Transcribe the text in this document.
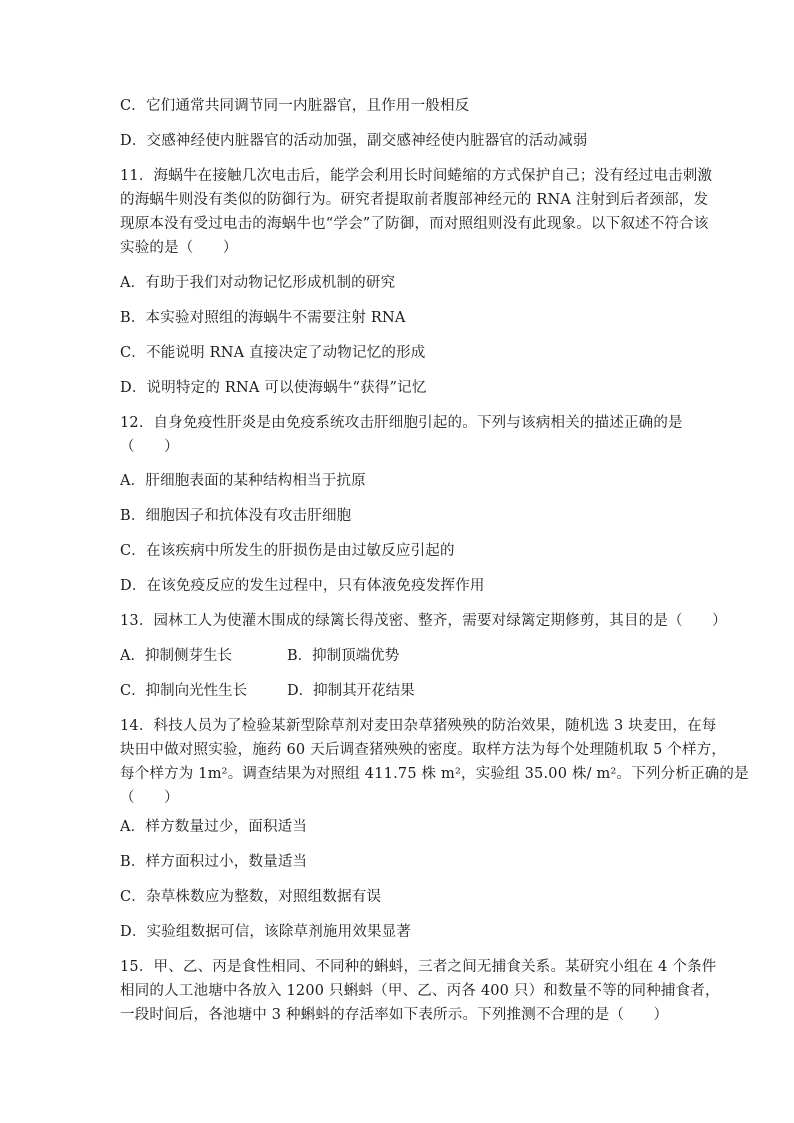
C．它们通常共同调节同一内脏器官，且作用一般相反
D．交感神经使内脏器官的活动加强，副交感神经使内脏器官的活动减弱
11．海蜗牛在接触几次电击后，能学会利用长时间蜷缩的方式保护自己；没有经过电击刺激
的海蜗牛则没有类似的防御行为。研究者提取前者腹部神经元的 RNA 注射到后者颈部，发
现原本没有受过电击的海蜗牛也“学会”了防御，而对照组则没有此现象。以下叙述不符合该
实验的是（　　）
A．有助于我们对动物记忆形成机制的研究
B．本实验对照组的海蜗牛不需要注射 RNA
C．不能说明 RNA 直接决定了动物记忆的形成
D．说明特定的 RNA 可以使海蜗牛“获得”记忆
12．自身免疫性肝炎是由免疫系统攻击肝细胞引起的。下列与该病相关的描述正确的是
（　　）
A．肝细胞表面的某种结构相当于抗原
B．细胞因子和抗体没有攻击肝细胞
C．在该疾病中所发生的肝损伤是由过敏反应引起的
D．在该免疫反应的发生过程中，只有体液免疫发挥作用
13．园林工人为使灌木围成的绿篱长得茂密、整齐，需要对绿篱定期修剪，其目的是（　　）
A．抑制侧芽生长	B．抑制顶端优势
C．抑制向光性生长	D．抑制其开花结果
14．科技人员为了检验某新型除草剂对麦田杂草猪殃殃的防治效果，随机选 3 块麦田，在每
块田中做对照实验，施药 60 天后调查猪殃殃的密度。取样方法为每个处理随机取 5 个样方，
每个样方为 1m²。调查结果为对照组 411.75 株 m²，实验组 35.00 株/ m²。下列分析正确的是
（　　）
A．样方数量过少，面积适当
B．样方面积过小，数量适当
C．杂草株数应为整数，对照组数据有误
D．实验组数据可信，该除草剂施用效果显著
15．甲、乙、丙是食性相同、不同种的蝌蚪，三者之间无捕食关系。某研究小组在 4 个条件
相同的人工池塘中各放入 1200 只蝌蚪（甲、乙、丙各 400 只）和数量不等的同种捕食者，
一段时间后，各池塘中 3 种蝌蚪的存活率如下表所示。下列推测不合理的是（　　）
